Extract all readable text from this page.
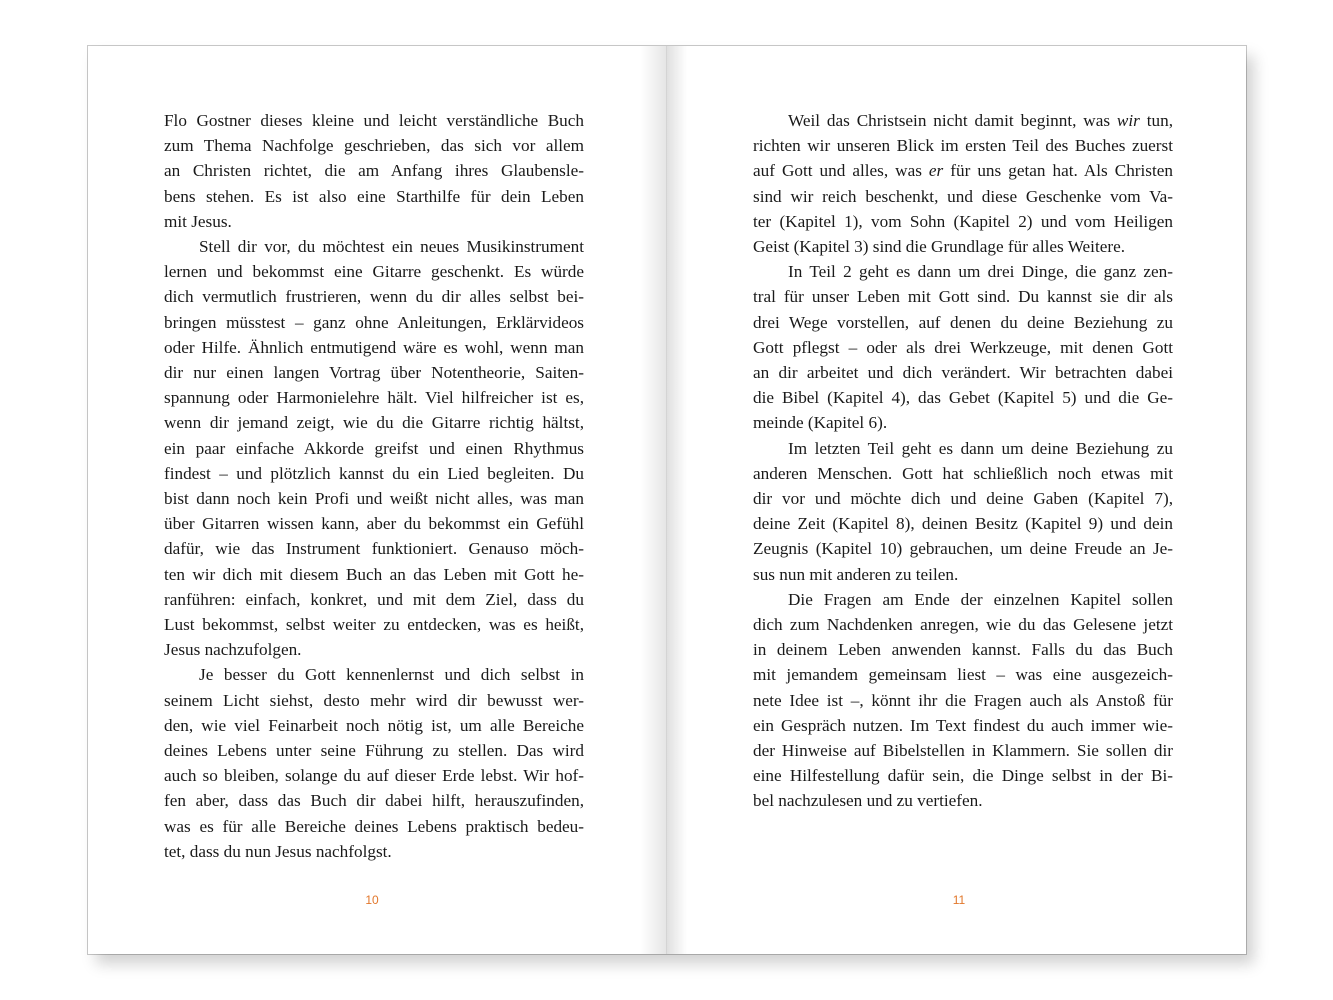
Flo Gostner dieses kleine und leicht verständliche Buch
zum Thema Nachfolge geschrieben, das sich vor allem
an Christen richtet, die am Anfang ihres Glaubensle-
bens stehen. Es ist also eine Starthilfe für dein Leben
mit Jesus.

Stell dir vor, du möchtest ein neues Musikinstrument
lernen und bekommst eine Gitarre geschenkt. Es würde
dich vermutlich frustrieren, wenn du dir alles selbst bei-
bringen müsstest – ganz ohne Anleitungen, Erklärvideos
oder Hilfe. Ähnlich entmutigend wäre es wohl, wenn man
dir nur einen langen Vortrag über Notentheorie, Saiten-
spannung oder Harmonielehre hält. Viel hilfreicher ist es,
wenn dir jemand zeigt, wie du die Gitarre richtig hältst,
ein paar einfache Akkorde greifst und einen Rhythmus
findest – und plötzlich kannst du ein Lied begleiten. Du
bist dann noch kein Profi und weißt nicht alles, was man
über Gitarren wissen kann, aber du bekommst ein Gefühl
dafür, wie das Instrument funktioniert. Genauso möch-
ten wir dich mit diesem Buch an das Leben mit Gott he-
ranführen: einfach, konkret, und mit dem Ziel, dass du
Lust bekommst, selbst weiter zu entdecken, was es heißt,
Jesus nachzufolgen.

Je besser du Gott kennenlernst und dich selbst in
seinem Licht siehst, desto mehr wird dir bewusst wer-
den, wie viel Feinarbeit noch nötig ist, um alle Bereiche
deines Lebens unter seine Führung zu stellen. Das wird
auch so bleiben, solange du auf dieser Erde lebst. Wir hof-
fen aber, dass das Buch dir dabei hilft, herauszufinden,
was es für alle Bereiche deines Lebens praktisch bedeu-
tet, dass du nun Jesus nachfolgst.

10

Weil das Christsein nicht damit beginnt, was wir tun,
richten wir unseren Blick im ersten Teil des Buches zuerst
auf Gott und alles, was er für uns getan hat. Als Christen
sind wir reich beschenkt, und diese Geschenke vom Va-
ter (Kapitel 1), vom Sohn (Kapitel 2) und vom Heiligen
Geist (Kapitel 3) sind die Grundlage für alles Weitere.

In Teil 2 geht es dann um drei Dinge, die ganz zen-
tral für unser Leben mit Gott sind. Du kannst sie dir als
drei Wege vorstellen, auf denen du deine Beziehung zu
Gott pflegst – oder als drei Werkzeuge, mit denen Gott
an dir arbeitet und dich verändert. Wir betrachten dabei
die Bibel (Kapitel 4), das Gebet (Kapitel 5) und die Ge-
meinde (Kapitel 6).

Im letzten Teil geht es dann um deine Beziehung zu
anderen Menschen. Gott hat schließlich noch etwas mit
dir vor und möchte dich und deine Gaben (Kapitel 7),
deine Zeit (Kapitel 8), deinen Besitz (Kapitel 9) und dein
Zeugnis (Kapitel 10) gebrauchen, um deine Freude an Je-
sus nun mit anderen zu teilen.

Die Fragen am Ende der einzelnen Kapitel sollen
dich zum Nachdenken anregen, wie du das Gelesene jetzt
in deinem Leben anwenden kannst. Falls du das Buch
mit jemandem gemeinsam liest – was eine ausgezeich-
nete Idee ist –, könnt ihr die Fragen auch als Anstoß für
ein Gespräch nutzen. Im Text findest du auch immer wie-
der Hinweise auf Bibelstellen in Klammern. Sie sollen dir
eine Hilfestellung dafür sein, die Dinge selbst in der Bi-
bel nachzulesen und zu vertiefen.

11
